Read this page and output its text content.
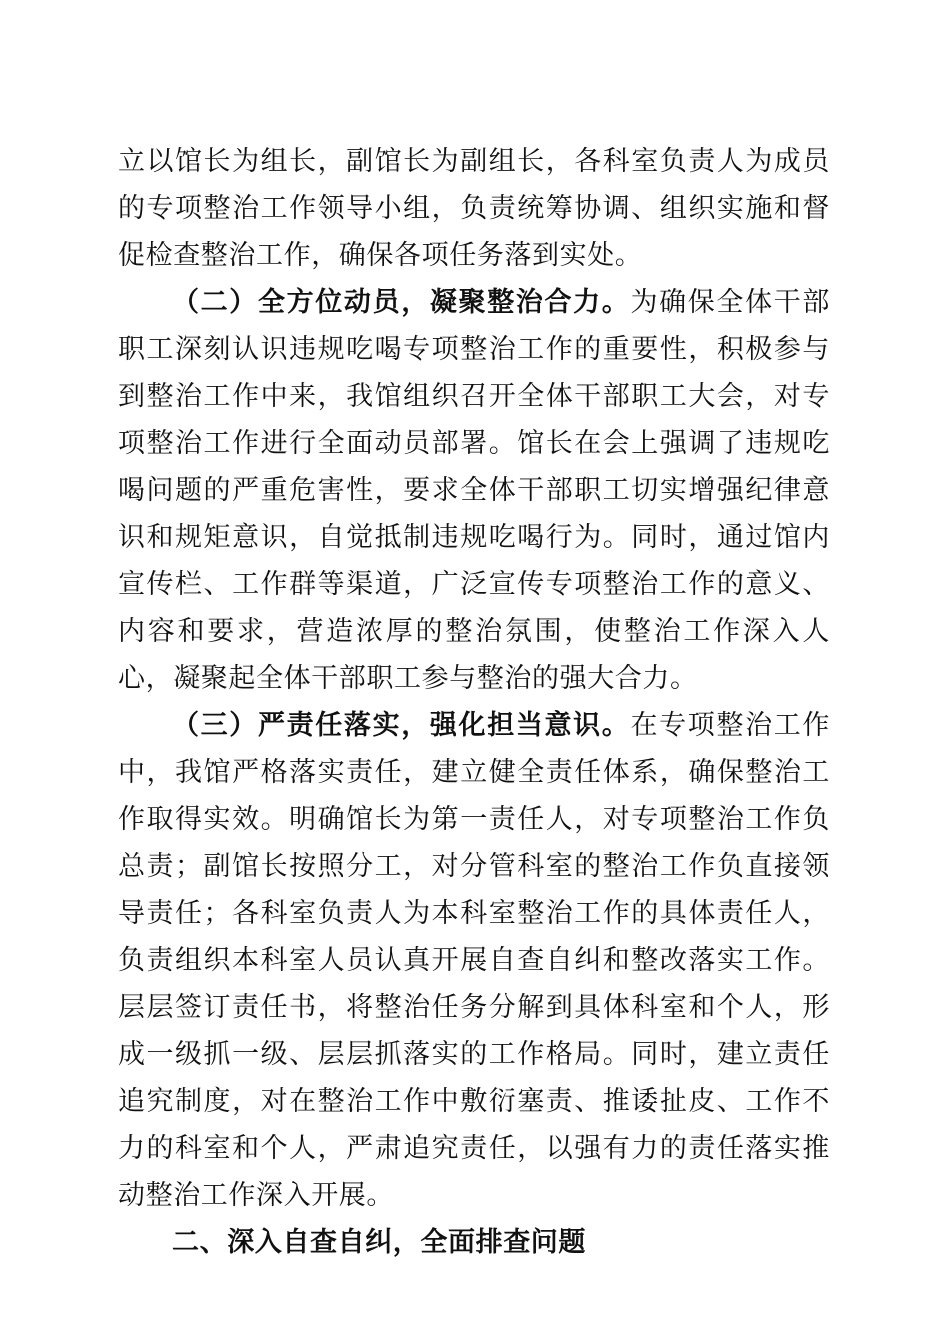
立以馆长为组长，副馆长为副组长，各科室负责人为成员的专项整治工作领导小组，负责统筹协调、组织实施和督促检查整治工作，确保各项任务落到实处。

（二）全方位动员，凝聚整治合力。为确保全体干部职工深刻认识违规吃喝专项整治工作的重要性，积极参与到整治工作中来，我馆组织召开全体干部职工大会，对专项整治工作进行全面动员部署。馆长在会上强调了违规吃喝问题的严重危害性，要求全体干部职工切实增强纪律意识和规矩意识，自觉抵制违规吃喝行为。同时，通过馆内宣传栏、工作群等渠道，广泛宣传专项整治工作的意义、内容和要求，营造浓厚的整治氛围，使整治工作深入人心，凝聚起全体干部职工参与整治的强大合力。

（三）严责任落实，强化担当意识。在专项整治工作中，我馆严格落实责任，建立健全责任体系，确保整治工作取得实效。明确馆长为第一责任人，对专项整治工作负总责；副馆长按照分工，对分管科室的整治工作负直接领导责任；各科室负责人为本科室整治工作的具体责任人，负责组织本科室人员认真开展自查自纠和整改落实工作。层层签订责任书，将整治任务分解到具体科室和个人，形成一级抓一级、层层抓落实的工作格局。同时，建立责任追究制度，对在整治工作中敷衍塞责、推诿扯皮、工作不力的科室和个人，严肃追究责任，以强有力的责任落实推动整治工作深入开展。

二、深入自查自纠，全面排查问题
